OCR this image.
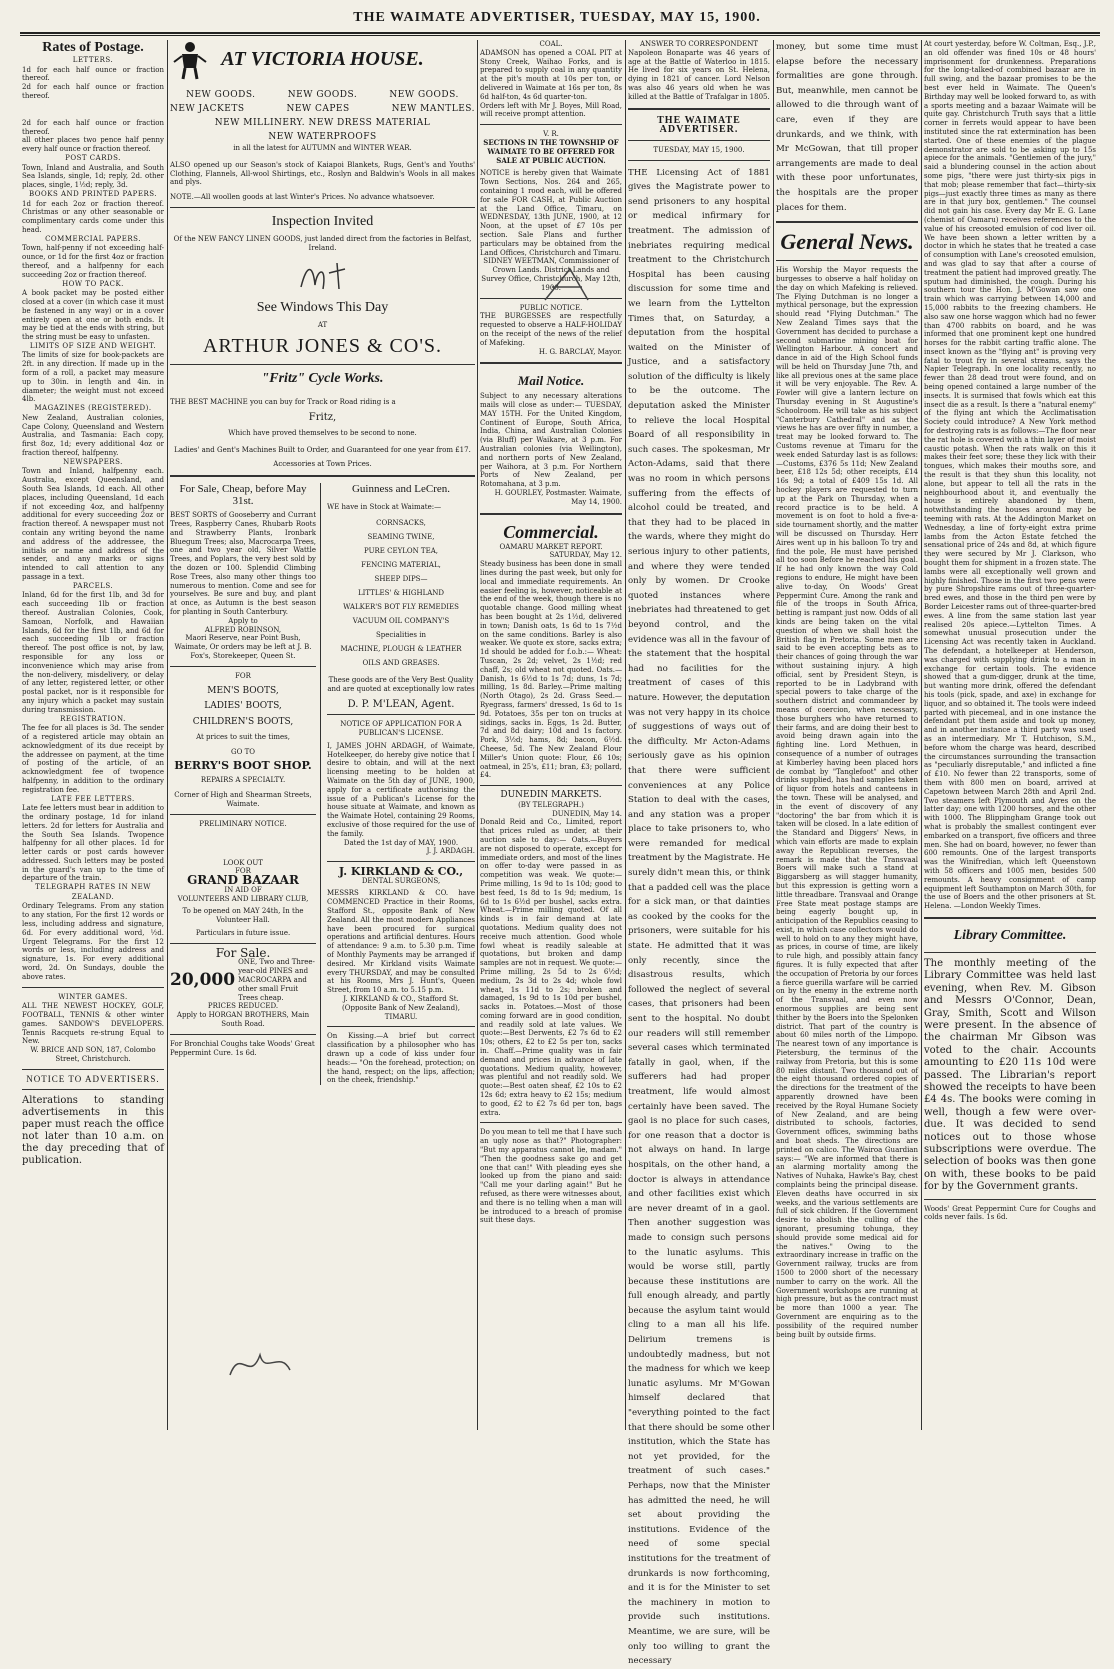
THE WAIMATE ADVERTISER, TUESDAY, MAY 15, 1900.
Rates of Postage.
LETTERS.
1d for each half ounce or fraction thereof.
2d for each half ounce or fraction thereof.
2d for each half ounce or fraction thereof.
all other places two pence half penny every half ounce or fraction thereof.
POST CARDS.
Town, Inland and Australia, and South Sea Islands, single, 1d; reply, 2d. other places, single, 1½d; reply, 3d.
BOOKS AND PRINTED PAPERS.
1d for each 2oz or fraction thereof. Christmas or any other seasonable or complimentary cards come under this head.
COMMERCIAL PAPERS.
Town, half-penny if not exceeding half-ounce, or 1d for the first 4oz or fraction thereof, and a halfpenny for each succeeding 2oz or fraction thereof.
HOW TO PACK.
A book packet may be posted either closed at a cover (in which case it must be fastened in any way) or in a cover entirely open at one or both ends. It may be tied at the ends with string, but the string must be easy to unfasten.
LIMITS OF SIZE AND WEIGHT.
The limits of size for book-packets are 2ft. in any direction. If made up in the form of a roll, a packet may measure up to 30in. in length and 4in. in diameter; the weight must not exceed 4lb.
MAGAZINES (REGISTERED).
New Zealand, Australian colonies, Cape Colony, Queensland and Western Australia, and Tasmania: Each copy, first 8oz, 1d; every additional 4oz or fraction thereof, halfpenny.
NEWSPAPERS.
Town and Inland, halfpenny each. Australia, except Queensland, and South Sea Islands, 1d each. All other places, including Queensland, 1d each if not exceeding 4oz, and halfpenny additional for every succeeding 2oz or fraction thereof. A newspaper must not contain any writing beyond the name and address of the addressee, the initials or name and address of the sender, and any marks or signs intended to call attention to any passage in a text.
PARCELS.
Inland, 6d for the first 1lb, and 3d for each succeeding 1lb or fraction thereof. Australian Colonies, Cook, Samoan, Norfolk, and Hawaiian Islands, 6d for the first 1lb, and 6d for each succeeding 1lb or fraction thereof. The post office is not, by law, responsible for any loss or inconvenience which may arise from the non-delivery, misdelivery, or delay of any letter, registered letter, or other postal packet, nor is it responsible for any injury which a packet may sustain during transmission.
REGISTRATION.
The fee for all places is 3d. The sender of a registered article may obtain an acknowledgment of its due receipt by the addressee on payment, at the time of posting of the article, of an acknowledgment fee of twopence halfpenny, in addition to the ordinary registration fee.
LATE FEE LETTERS.
Late fee letters must bear in addition to the ordinary postage, 1d for inland letters. 2d for letters for Australia and the South Sea Islands. Twopence halfpenny for all other places. 1d for letter cards or post cards however addressed. Such letters may be posted in the guard's van up to the time of departure of the train.
TELEGRAPH RATES IN NEW ZEALAND.
Ordinary Telegrams. From any station to any station, For the first 12 words or less, including address and signature, 6d. For every additional word, ½d. Urgent Telegrams. For the first 12 words or less, including address and signature, 1s. For every additional word, 2d. On Sundays, double the above rates.
WINTER GAMES.
ALL THE NEWEST HOCKEY, GOLF, FOOTBALL, TENNIS & other winter games. SANDOW'S DEVELOPERS. Tennis Racquets re-strung Equal to New.
W. BRICE AND SON, 187, Colombo Street, Christchurch.
NOTICE TO ADVERTISERS.
Alterations to standing advertisements in this paper must reach the office not later than 10 a.m. on the day preceding that of publication.
AT VICTORIA HOUSE.
NEW GOODS.	NEW GOODS.	NEW GOODS.
NEW JACKETS	NEW CAPES	NEW MANTLES.
NEW MILLINERY. NEW DRESS MATERIAL
NEW WATERPROOFS
in all the latest for AUTUMN and WINTER WEAR.
ALSO opened up our Season's stock of Kaiapoi Blankets, Rugs, Gent's and Youths' Clothing, Flannels, All-wool Shirtings, etc., Roslyn and Baldwin's Wools in all makes and plys.
NOTE.—All woollen goods at last Winter's Prices. No advance whatsoever.
Inspection Invited
Of the NEW FANCY LINEN GOODS, just landed direct from the factories in Belfast, Ireland.
See Windows This Day
AT
ARTHUR JONES & CO'S.
"Fritz" Cycle Works.
THE BEST MACHINE you can buy for Track or Road riding is a
Fritz,
Which have proved themselves to be second to none.
Ladies' and Gent's Machines Built to Order, and Guaranteed for one year from £17.
Accessories at Town Prices.
For Sale, Cheap, before May 31st.
BEST SORTS of Gooseberry and Currant Trees, Raspberry Canes, Rhubarb Roots and Strawberry Plants, Ironbark Bluegum Trees; also, Macrocarpa Trees, one and two year old, Silver Wattle Trees, and Poplars, the very best sold by the dozen or 100. Splendid Climbing Rose Trees, also many other things too numerous to mention. Come and see for yourselves. Be sure and buy, and plant at once, as Autumn is the best season for planting in South Canterbury.
Apply to
ALFRED ROBINSON,
Maori Reserve, near Point Bush, Waimate, Or orders may be left at J. B. Fox's, Storekeeper, Queen St.
FOR
MEN'S BOOTS,
LADIES' BOOTS,
CHILDREN'S BOOTS,
At prices to suit the times,
GO TO
BERRY'S BOOT SHOP.
REPAIRS A SPECIALTY.
Corner of High and Shearman Streets, Waimate.
PRELIMINARY NOTICE.
LOOK OUT
FOR
GRAND BAZAAR
IN AID OF
VOLUNTEERS AND LIBRARY CLUB,
To be opened on MAY 24th, In the Volunteer Hall.
Particulars in future issue.
For Sale.
20,000
ONE, Two and Three-year-old PINES and MACROCARPA and other small Fruit Trees cheap.
PRICES REDUCED.
Apply to HORGAN BROTHERS, Main South Road.
For Bronchial Coughs take Woods' Great Peppermint Cure. 1s 6d.
Guinness and LeCren.
WE have in Stock at Waimate:—
CORNSACKS,
SEAMING TWINE,
PURE CEYLON TEA,
FENCING MATERIAL,
SHEEP DIPS—
LITTLES' & HIGHLAND
WALKER'S BOT FLY REMEDIES
VACUUM OIL COMPANY'S
Specialities in
MACHINE, PLOUGH & LEATHER
OILS AND GREASES.
These goods are of the Very Best Quality and are quoted at exceptionally low rates
D. P. M'LEAN, Agent.
NOTICE OF APPLICATION FOR A PUBLICAN'S LICENSE.
I, JAMES JOHN ARDAGH, of Waimate, Hotelkeeper, do hereby give notice that I desire to obtain, and will at the next licensing meeting to be holden at Waimate on the 5th day of JUNE, 1900, apply for a certificate authorising the issue of a Publican's License for the house situate at Waimate, and known as the Waimate Hotel, containing 29 Rooms, exclusive of those required for the use of the family.
Dated the 1st day of MAY, 1900.
J. J. ARDAGH.
J. KIRKLAND & CO.,
DENTAL SURGEONS,
MESSRS KIRKLAND & CO. have COMMENCED Practice in their Rooms, Stafford St., opposite Bank of New Zealand. All the most modern Appliances have been procured for surgical operations and artificial dentures. Hours of attendance: 9 a.m. to 5.30 p.m. Time of Monthly Payments may be arranged if desired. Mr Kirkland visits Waimate every THURSDAY, and may be consulted at his Rooms, Mrs J. Hunt's, Queen Street, from 10 a.m. to 5.15 p.m.
J. KIRKLAND & CO., Stafford St. (Opposite Bank of New Zealand), TIMARU.
On Kissing.—A brief but correct classification by a philosopher who has drawn up a code of kiss under four heads:— "On the forehead, protection; on the hand, respect; on the lips, affection; on the cheek, friendship."
COAL.
ADAMSON has opened a COAL PIT at Stony Creek, Waihao Forks, and is prepared to supply coal in any quantity at the pit's mouth at 10s per ton, or delivered in Waimate at 16s per ton, 8s 6d half-ton, 4s 6d quarter-ton.
Orders left with Mr J. Boyes, Mill Road, will receive prompt attention.
V. R.
SECTIONS IN THE TOWNSHIP OF WAIMATE TO BE OFFERED FOR SALE AT PUBLIC AUCTION.
NOTICE is hereby given that Waimate Town Sections, Nos. 264 and 265, containing 1 rood each, will be offered for sale FOR CASH, at Public Auction at the Land Office, Timaru, on WEDNESDAY, 13th JUNE, 1900, at 12 Noon, at the upset of £7 10s per section. Sale Plans and further particulars may be obtained from the Land Offices, Christchurch and Timaru.
SIDNEY WEETMAN, Commissioner of Crown Lands. District Lands and Survey Office, Christchurch, May 12th, 1900.
PUBLIC NOTICE.
THE BURGESSES are respectfully requested to observe a HALF-HOLIDAY on the receipt of the news of the relief of Mafeking.
H. G. BARCLAY, Mayor.
Mail Notice.
Subject to any necessary alterations mails will close as under:— TUESDAY, MAY 15TH. For the United Kingdom, Continent of Europe, South Africa, India, China, and Australian Colonies (via Bluff) per Waikare, at 3 p.m. For Australian colonies (via Wellington), and northern ports of New Zealand, per Waihora, at 3 p.m. For Northern Ports of New Zealand, per Rotomahana, at 3 p.m.
H. GOURLEY, Postmaster. Waimate, May 14, 1900.
Commercial.
OAMARU MARKET REPORT.
SATURDAY, May 12.
Steady business has been done in small lines during the past week, but only for local and immediate requirements. An easier feeling is, however, noticeable at the end of the week, though there is no quotable change. Good milling wheat has been bought at 2s 1½d, delivered in town; Danish oats, 1s 6d to 1s 7½d on the same conditions. Barley is also weaker. We quote ex store, sacks extra; 1d should be added for f.o.b.:— Wheat: Tuscan, 2s 2d; velvet, 2s 1½d; red chaff, 2s; old wheat not quoted. Oats.—Danish, 1s 6½d to 1s 7d; duns, 1s 7d; milling, 1s 8d. Barley.—Prime malting (North Otago), 2s 2d. Grass Seed.—Ryegrass, farmers' dressed, 1s 6d to 1s 9d. Potatoes, 35s per ton on trucks at sidings, sacks in. Eggs, 1s 2d. Butter, 7d and 8d dairy; 10d and 1s factory. Pork, 3½d; hams, 8d; bacon, 6½d. Cheese, 5d. The New Zealand Flour Miller's Union quote: Flour, £6 10s; oatmeal, in 25's, £11; bran, £3; pollard, £4.
DUNEDIN MARKETS.
(BY TELEGRAPH.)
DUNEDIN, May 14.
Donald Reid and Co., Limited, report that prices ruled as under, at their auction sale to day:— Oats.—Buyers are not disposed to operate, except for immediate orders, and most of the lines on offer to-day were passed in as competition was weak. We quote:—Prime milling, 1s 9d to 1s 10d; good to best feed, 1s 8d to 1s 9d; medium, 1s 6d to 1s 6½d per bushel, sacks extra. Wheat.—Prime milling quoted. Of all kinds is in fair demand at late quotations. Medium quality does not receive much attention. Good whole fowl wheat is readily saleable at quotations, but broken and damp samples are not in request. We quote:—Prime milling, 2s 5d to 2s 6½d; medium, 2s 3d to 2s 4d; whole fowl wheat, 1s 11d to 2s; broken and damaged, 1s 9d to 1s 10d per bushel, sacks in. Potatoes.—Most of those coming forward are in good condition, and readily sold at late values. We quote:—Best Derwents, £2 7s 6d to £2 10s; others, £2 to £2 5s per ton, sacks in. Chaff.—Prime quality was in fair demand and prices in advance of late quotations. Medium quality, however, was plentiful and not readily sold. We quote:—Best oaten sheaf, £2 10s to £2 12s 6d; extra heavy to £2 15s; medium to good, £2 to £2 7s 6d per ton, bags extra.
Do you mean to tell me that I have such an ugly nose as that?" Photographer: "But my apparatus cannot lie, madam." "Then the goodness sake go and get one that can!" With pleading eyes she looked up from the piano and said: "Call me your darling again!" But he refused, as there were witnesses about, and there is no telling when a man will be introduced to a breach of promise suit these days.
ANSWER TO CORRESPONDENT
Napoleon Bonaparte was 46 years of age at the Battle of Waterloo in 1815. He lived for six years on St. Helena, dying in 1821 of cancer. Lord Nelson was also 46 years old when he was killed at the Battle of Trafalgar in 1805.
THE WAIMATE ADVERTISER.
TUESDAY, MAY 15, 1900.
THE Licensing Act of 1881 gives the Magistrate power to send prisoners to any hospital or medical infirmary for treatment. The admission of inebriates requiring medical treatment to the Christchurch Hospital has been causing discussion for some time and we learn from the Lyttelton Times that, on Saturday, a deputation from the hospital waited on the Minister of Justice, and a satisfactory solution of the difficulty is likely to be the outcome. The deputation asked the Minister to relieve the local Hospital Board of all responsibility in such cases. The spokesman, Mr Acton-Adams, said that there was no room in which persons suffering from the effects of alcohol could be treated, and that they had to be placed in the wards, where they might do serious injury to other patients, and where they were tended only by women. Dr Crooke quoted instances where inebriates had threatened to get beyond control, and the evidence was all in the favour of the statement that the hospital had no facilities for the treatment of cases of this nature. However, the deputation was not very happy in its choice of suggestions of ways out of the difficulty. Mr Acton-Adams seriously gave as his opinion that there were sufficient conveniences at any Police Station to deal with the cases, and any station was a proper place to take prisoners to, who were remanded for medical treatment by the Magistrate. He surely didn't mean this, or think that a padded cell was the place for a sick man, or that dainties as cooked by the cooks for the prisoners, were suitable for his state. He admitted that it was only recently, since the disastrous results, which followed the neglect of several cases, that prisoners had been sent to the hospital. No doubt our readers will still remember several cases which terminated fatally in gaol, when, if the sufferers had had proper treatment, life would almost certainly have been saved. The gaol is no place for such cases, for one reason that a doctor is not always on hand. In large hospitals, on the other hand, a doctor is always in attendance and other facilities exist which are never dreamt of in a gaol. Then another suggestion was made to consign such persons to the lunatic asylums. This would be worse still, partly because these institutions are full enough already, and partly because the asylum taint would cling to a man all his life. Delirium tremens is undoubtedly madness, but not the madness for which we keep lunatic asylums. Mr M'Gowan himself declared that "everything pointed to the fact that there should be some other institution, which the State has not yet provided, for the treatment of such cases." Perhaps, now that the Minister has admitted the need, he will set about providing the institutions. Evidence of the need of some special institutions for the treatment of drunkards is now forthcoming, and it is for the Minister to set the machinery in motion to provide such institutions. Meantime, we are sure, will be only too willing to grant the necessary
money, but some time must elapse before the necessary formalities are gone through. But, meanwhile, men cannot be allowed to die through want of care, even if they are drunkards, and we think, with Mr McGowan, that till proper arrangements are made to deal with these poor unfortunates, the hospitals are the proper places for them.
General News.
His Worship the Mayor requests the burgesses to observe a half holiday on the day on which Mafeking is relieved. The Flying Dutchman is no longer a mythical personage, but the expression should read "Flying Dutchman." The New Zealand Times says that the Government has decided to purchase a second submarine mining boat for Wellington Harbour. A concert and dance in aid of the High School funds will be held on Thursday June 7th, and like all previous ones at the same place it will be very enjoyable. The Rev. A. Fowler will give a lantern lecture on Thursday evening in St Augustine's Schoolroom. He will take as his subject "Canterbury Cathedral" and as the views he has are over fifty in number, a treat may be looked forward to. The Customs revenue at Timaru for the week ended Saturday last is as follows:—Customs, £376 5s 11d; New Zealand beer, £18 12s 5d; other receipts, £14 16s 9d; a total of £409 15s 1d. All hockey players are requested to turn up at the Park on Thursday, when a record practice is to be held. A movement is on foot to hold a five-a-side tournament shortly, and the matter will be discussed on Thursday. Herr Aires went up in his balloon To try and find the pole, He must have perished all too soon Before he reached his goal. If he had only known the way Cold regions to endure, He might have been alive to-day, On Woods' Great Peppermint Cure. Among the rank and file of the troops in South Africa, betting is rampant just now. Odds of all kinds are being taken on the vital question of when we shall hoist the British flag in Pretoria. Some men are said to be even accepting bets as to their chances of going through the war without sustaining injury. A high official, sent by President Steyn, is reported to be in Ladybrand with special powers to take charge of the southern district and commandeer by means of coercion, when necessary, those burghers who have returned to their farms, and are doing their best to avoid being drawn again into the fighting line. Lord Methuen, in consequence of a number of outrages at Kimberley having been placed hors de combat by "Tanglefoot" and other drinks supplied, has had samples taken of liquor from hotels and canteens in the town. These will be analysed, and in the event of discovery of any "doctoring" the bar from which it is taken will be closed. In a late edition of the Standard and Diggers' News, in which vain efforts are made to explain away the Republican reverses, the remark is made that the Transvaal Boers will make such a stand at Biggarsberg as will stagger humanity, but this expression is getting worn a little threadbare. Transvaal and Orange Free State meat postage stamps are being eagerly bought up, in anticipation of the Republics ceasing to exist, in which case collectors would do well to hold on to any they might have, as prices, in course of time, are likely to rule high, and possibly attain fancy figures. It is fully expected that after the occupation of Pretoria by our forces a fierce guerilla warfare will be carried on by the enemy in the extreme north of the Transvaal, and even now enormous supplies are being sent thither by the Boers into the Spelonken district. That part of the country is about 60 miles north of the Limpopo. The nearest town of any importance is Pietersburg, the terminus of the railway from Pretoria, but this is some 80 miles distant. Two thousand out of the eight thousand ordered copies of the directions for the treatment of the apparently drowned have been received by the Royal Humane Society of New Zealand, and are being distributed to schools, factories, Government offices, swimming baths and boat sheds. The directions are printed on calico. The Wairoa Guardian says:— "We are informed that there is an alarming mortality among the Natives of Nuhaka, Hawke's Bay, chest complaints being the principal disease. Eleven deaths have occurred in six weeks, and the various settlements are full of sick children. If the Government desire to abolish the culling of the ignorant, presuming tohunga, they should provide some medical aid for the natives." Owing to the extraordinary increase in traffic on the Government railway, trucks are from 1500 to 2000 short of the necessary number to carry on the work. All the Government workshops are running at high pressure, but as the contract must be more than 1000 a year. The Government are enquiring as to the possibility of the required number being built by outside firms.
At court yesterday, before W. Coltman, Esq., J.P., an old offender was fined 10s or 48 hours' imprisonment for drunkenness. Preparations for the long-talked-of combined bazaar are in full swing, and the bazaar promises to be the best ever held in Waimate. The Queen's Birthday may well be looked forward to, as with a sports meeting and a bazaar Waimate will be quite gay. Christchurch Truth says that a little corner in ferrets would appear to have been instituted since the rat extermination has been started. One of these enemies of the plague demonstrator are sold to be asking up to 15s apiece for the animals. "Gentlemen of the jury," said a blundering counsel in the action about some pigs, "there were just thirty-six pigs in that mob; please remember that fact—thirty-six pigs—just exactly three times as many as there are in that jury box, gentlemen." The counsel did not gain his case. Every day Mr E. G. Lane (chemist of Oamaru) receives references to the value of his creosoted emulsion of cod liver oil. We have been shown a letter written by a doctor in which he states that he treated a case of consumption with Lane's creosoted emulsion, and was glad to say that after a course of treatment the patient had improved greatly. The sputum had diminished, the cough. During his southern tour the Hon. J. M'Gowan saw one train which was carrying between 14,000 and 15,000 rabbits to the freezing chambers. He also saw one horse waggon which had no fewer than 4700 rabbits on board, and he was informed that one prominent kept one hundred horses for the rabbit carting traffic alone. The insect known as the "flying ant" is proving very fatal to trout fry in several streams, says the Napier Telegraph. In one locality recently, no fewer than 28 dead trout were found, and on being opened contained a large number of the insects. It is surmised that fowls which eat this insect die as a result. Is there a "natural enemy" of the flying ant which the Acclimatisation Society could introduce? A New York method for destroying rats is as follows:—The floor near the rat hole is covered with a thin layer of moist caustic potash. When the rats walk on this it makes their feet sore; these they lick with their tongues, which makes their mouths sore, and the result is that they shun this locality, not alone, but appear to tell all the rats in the neighbourhood about it, and eventually the house is entirely abandoned by them, notwithstanding the houses around may be teeming with rats. At the Addington Market on Wednesday, a line of forty-eight extra prime lambs from the Acton Estate fetched the sensational price of 24s and 8d, at which figure they were secured by Mr J. Clarkson, who bought them for shipment in a frozen state. The lambs were all exceptionally well grown and highly finished. Those in the first two pens were by pure Shropshire rams out of three-quarter-bred ewes, and those in the third pen were by Border Leicester rams out of three-quarter-bred ewes. A line from the same station last year realised 20s apiece.—Lyttelton Times. A somewhat unusual prosecution under the Licensing Act was recently taken in Auckland. The defendant, a hotelkeeper at Henderson, was charged with supplying drink to a man in exchange for certain tools. The evidence showed that a gum-digger, drunk at the time, but wanting more drink, offered the defendant his tools (pick, spade, and axe) in exchange for liquor, and so obtained it. The tools were indeed parted with piecemeal, and in one instance the defendant put them aside and took up money, and in another instance a third party was used as an intermediary. Mr T. Hutchison, S.M., before whom the charge was heard, described the circumstances surrounding the transaction as "peculiarly disreputable," and inflicted a fine of £10. No fewer than 22 transports, some of them with 800 men on board, arrived at Capetown between March 28th and April 2nd. Two steamers left Plymouth and Ayres on the latter day; one with 1200 horses, and the other with 1000. The Blippingham Grange took out what is probably the smallest contingent ever embarked on a transport, five officers and three men. She had on board, however, no fewer than 600 remounts. One of the largest transports was the Winifredian, which left Queenstown with 58 officers and 1005 men, besides 500 remounts. A heavy consignment of camp equipment left Southampton on March 30th, for the use of Boers and the other prisoners at St. Helena. —London Weekly Times.
Library Committee.
The monthly meeting of the Library Committee was held last evening, when Rev. M. Gibson and Messrs O'Connor, Dean, Gray, Smith, Scott and Wilson were present. In the absence of the chairman Mr Gibson was voted to the chair. Accounts amounting to £20 11s 10d were passed. The Librarian's report showed the receipts to have been £4 4s. The books were coming in well, though a few were over-due. It was decided to send notices out to those whose subscriptions were overdue. The selection of books was then gone on with, these books to be paid for by the Government grants.
Woods' Great Peppermint Cure for Coughs and colds never fails. 1s 6d.
